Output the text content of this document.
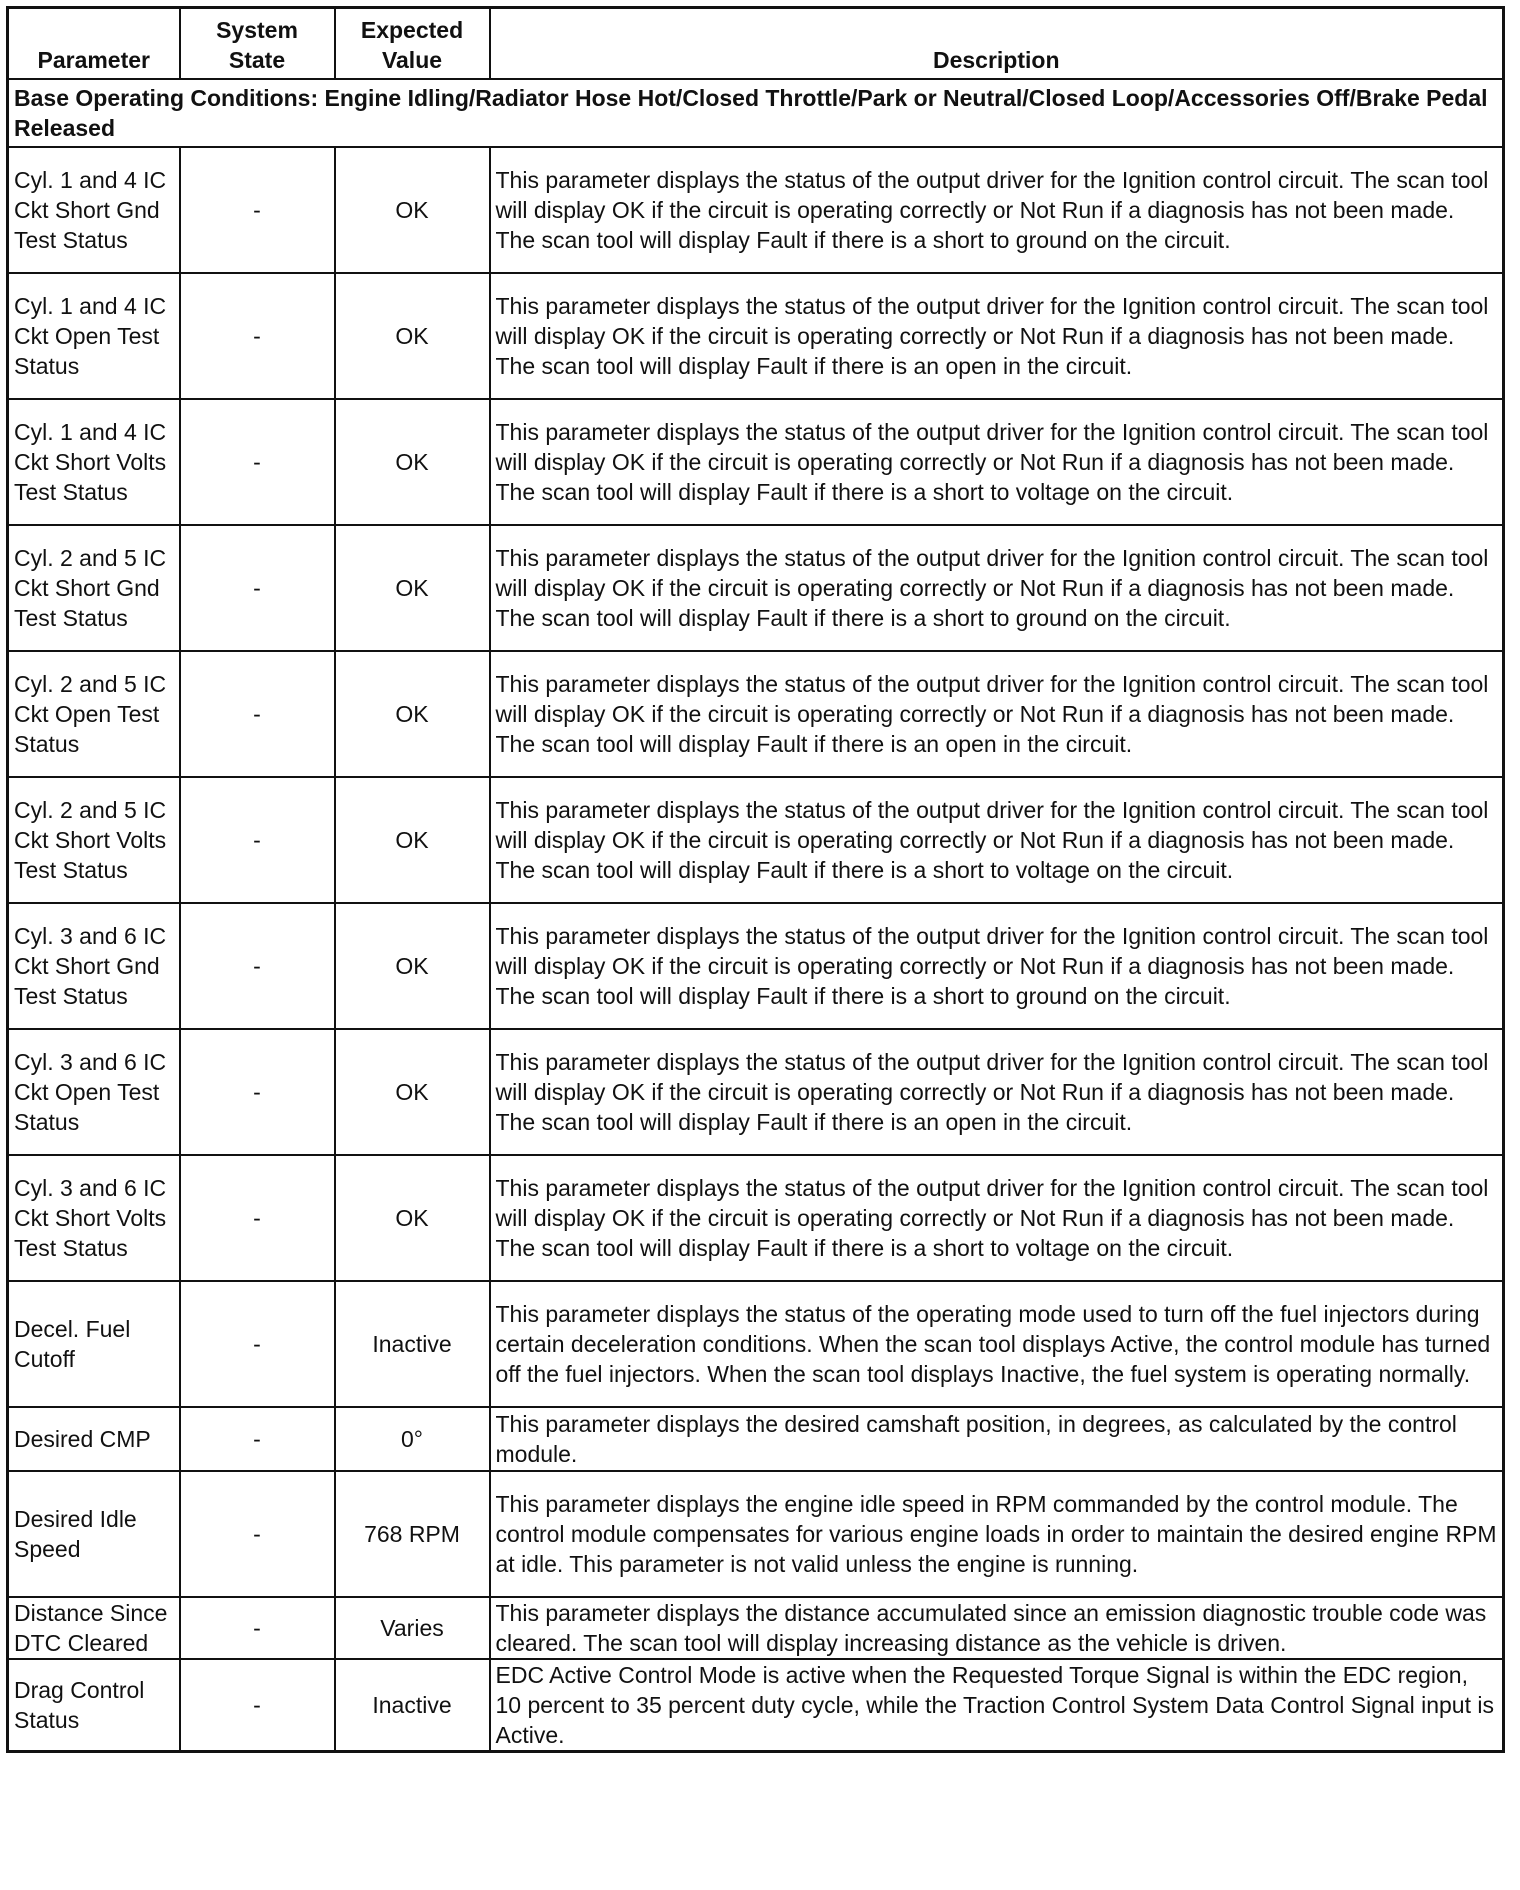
Parameter	System State	Expected Value	Description
Base Operating Conditions: Engine Idling/Radiator Hose Hot/Closed Throttle/Park or Neutral/Closed Loop/Accessories Off/Brake Pedal Released			
Cyl. 1 and 4 IC Ckt Short Gnd Test Status	-	OK	This parameter displays the status of the output driver for the Ignition control circuit. The scan tool will display OK if the circuit is operating correctly or Not Run if a diagnosis has not been made. The scan tool will display Fault if there is a short to ground on the circuit.
Cyl. 1 and 4 IC Ckt Open Test Status	-	OK	This parameter displays the status of the output driver for the Ignition control circuit. The scan tool will display OK if the circuit is operating correctly or Not Run if a diagnosis has not been made. The scan tool will display Fault if there is an open in the circuit.
Cyl. 1 and 4 IC Ckt Short Volts Test Status	-	OK	This parameter displays the status of the output driver for the Ignition control circuit. The scan tool will display OK if the circuit is operating correctly or Not Run if a diagnosis has not been made. The scan tool will display Fault if there is a short to voltage on the circuit.
Cyl. 2 and 5 IC Ckt Short Gnd Test Status	-	OK	This parameter displays the status of the output driver for the Ignition control circuit. The scan tool will display OK if the circuit is operating correctly or Not Run if a diagnosis has not been made. The scan tool will display Fault if there is a short to ground on the circuit.
Cyl. 2 and 5 IC Ckt Open Test Status	-	OK	This parameter displays the status of the output driver for the Ignition control circuit. The scan tool will display OK if the circuit is operating correctly or Not Run if a diagnosis has not been made. The scan tool will display Fault if there is an open in the circuit.
Cyl. 2 and 5 IC Ckt Short Volts Test Status	-	OK	This parameter displays the status of the output driver for the Ignition control circuit. The scan tool will display OK if the circuit is operating correctly or Not Run if a diagnosis has not been made. The scan tool will display Fault if there is a short to voltage on the circuit.
Cyl. 3 and 6 IC Ckt Short Gnd Test Status	-	OK	This parameter displays the status of the output driver for the Ignition control circuit. The scan tool will display OK if the circuit is operating correctly or Not Run if a diagnosis has not been made. The scan tool will display Fault if there is a short to ground on the circuit.
Cyl. 3 and 6 IC Ckt Open Test Status	-	OK	This parameter displays the status of the output driver for the Ignition control circuit. The scan tool will display OK if the circuit is operating correctly or Not Run if a diagnosis has not been made. The scan tool will display Fault if there is an open in the circuit.
Cyl. 3 and 6 IC Ckt Short Volts Test Status	-	OK	This parameter displays the status of the output driver for the Ignition control circuit. The scan tool will display OK if the circuit is operating correctly or Not Run if a diagnosis has not been made. The scan tool will display Fault if there is a short to voltage on the circuit.
Decel. Fuel Cutoff	-	Inactive	This parameter displays the status of the operating mode used to turn off the fuel injectors during certain deceleration conditions. When the scan tool displays Active, the control module has turned off the fuel injectors. When the scan tool displays Inactive, the fuel system is operating normally.
Desired CMP	-	0°	This parameter displays the desired camshaft position, in degrees, as calculated by the control module.
Desired Idle Speed	-	768 RPM	This parameter displays the engine idle speed in RPM commanded by the control module. The control module compensates for various engine loads in order to maintain the desired engine RPM at idle. This parameter is not valid unless the engine is running.
Distance Since DTC Cleared	-	Varies	This parameter displays the distance accumulated since an emission diagnostic trouble code was cleared. The scan tool will display increasing distance as the vehicle is driven.
Drag Control Status	-	Inactive	EDC Active Control Mode is active when the Requested Torque Signal is within the EDC region, 10 percent to 35 percent duty cycle, while the Traction Control System Data Control Signal input is Active.
